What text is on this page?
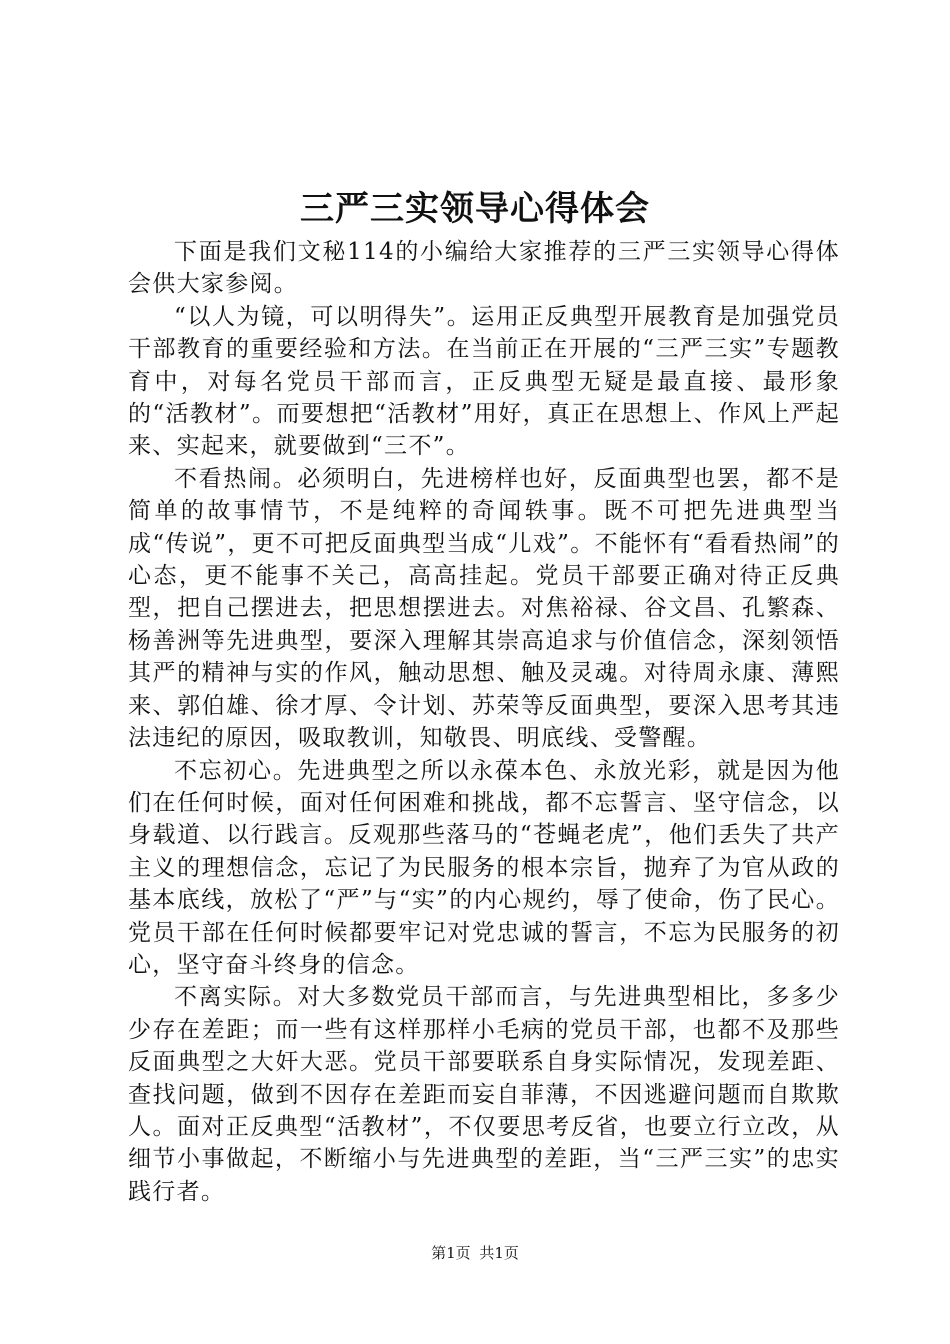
三严三实领导心得体会

下面是我们文秘114的小编给大家推荐的三严三实领导心得体会供大家参阅。

“以人为镜，可以明得失”。运用正反典型开展教育是加强党员干部教育的重要经验和方法。在当前正在开展的“三严三实”专题教育中，对每名党员干部而言，正反典型无疑是最直接、最形象的“活教材”。而要想把“活教材”用好，真正在思想上、作风上严起来、实起来，就要做到“三不”。

不看热闹。必须明白，先进榜样也好，反面典型也罢，都不是简单的故事情节，不是纯粹的奇闻轶事。既不可把先进典型当成“传说”，更不可把反面典型当成“儿戏”。不能怀有“看看热闹”的心态，更不能事不关己，高高挂起。党员干部要正确对待正反典型，把自己摆进去，把思想摆进去。对焦裕禄、谷文昌、孔繁森、杨善洲等先进典型，要深入理解其崇高追求与价值信念，深刻领悟其严的精神与实的作风，触动思想、触及灵魂。对待周永康、薄熙来、郭伯雄、徐才厚、令计划、苏荣等反面典型，要深入思考其违法违纪的原因，吸取教训，知敬畏、明底线、受警醒。

不忘初心。先进典型之所以永葆本色、永放光彩，就是因为他们在任何时候，面对任何困难和挑战，都不忘誓言、坚守信念，以身载道、以行践言。反观那些落马的“苍蝇老虎”，他们丢失了共产主义的理想信念，忘记了为民服务的根本宗旨，抛弃了为官从政的基本底线，放松了“严”与“实”的内心规约，辱了使命，伤了民心。党员干部在任何时候都要牢记对党忠诚的誓言，不忘为民服务的初心，坚守奋斗终身的信念。

不离实际。对大多数党员干部而言，与先进典型相比，多多少少存在差距；而一些有这样那样小毛病的党员干部，也都不及那些反面典型之大奸大恶。党员干部要联系自身实际情况，发现差距、查找问题，做到不因存在差距而妄自菲薄，不因逃避问题而自欺欺人。面对正反典型“活教材”，不仅要思考反省，也要立行立改，从细节小事做起，不断缩小与先进典型的差距，当“三严三实”的忠实践行者。

第1页 共1页
